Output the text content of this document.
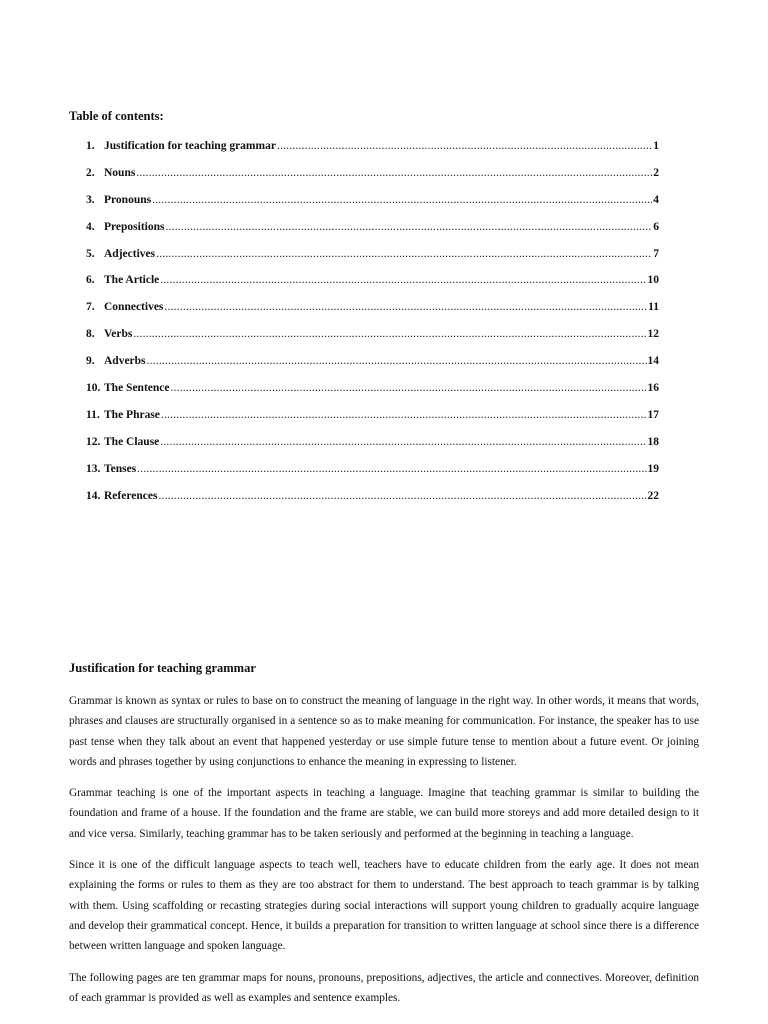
Table of contents:
1. Justification for teaching grammar .....	1
2. Nouns .....	2
3. Pronouns .....	4
4. Prepositions .....	6
5. Adjectives .....	7
6. The Article .....	10
7. Connectives .....	11
8. Verbs .....	12
9. Adverbs .....	14
10. The Sentence .....	16
11. The Phrase .....	17
12. The Clause .....	18
13. Tenses .....	19
14. References .....	22
Justification for teaching grammar

Grammar is known as syntax or rules to base on to construct the meaning of language in the right way. In other words, it means that words, phrases and clauses are structurally organised in a sentence so as to make meaning for communication. For instance, the speaker has to use past tense when they talk about an event that happened yesterday or use simple future tense to mention about a future event. Or joining words and phrases together by using conjunctions to enhance the meaning in expressing to listener.

Grammar teaching is one of the important aspects in teaching a language. Imagine that teaching grammar is similar to building the foundation and frame of a house. If the foundation and the frame are stable, we can build more storeys and add more detailed design to it and vice versa. Similarly, teaching grammar has to be taken seriously and performed at the beginning in teaching a language.

Since it is one of the difficult language aspects to teach well, teachers have to educate children from the early age. It does not mean explaining the forms or rules to them as they are too abstract for them to understand. The best approach to teach grammar is by talking with them. Using scaffolding or recasting strategies during social interactions will support young children to gradually acquire language and develop their grammatical concept. Hence, it builds a preparation for transition to written language at school since there is a difference between written language and spoken language.

The following pages are ten grammar maps for nouns, pronouns, prepositions, adjectives, the article and connectives. Moreover, definition of each grammar is provided as well as examples and sentence examples.
